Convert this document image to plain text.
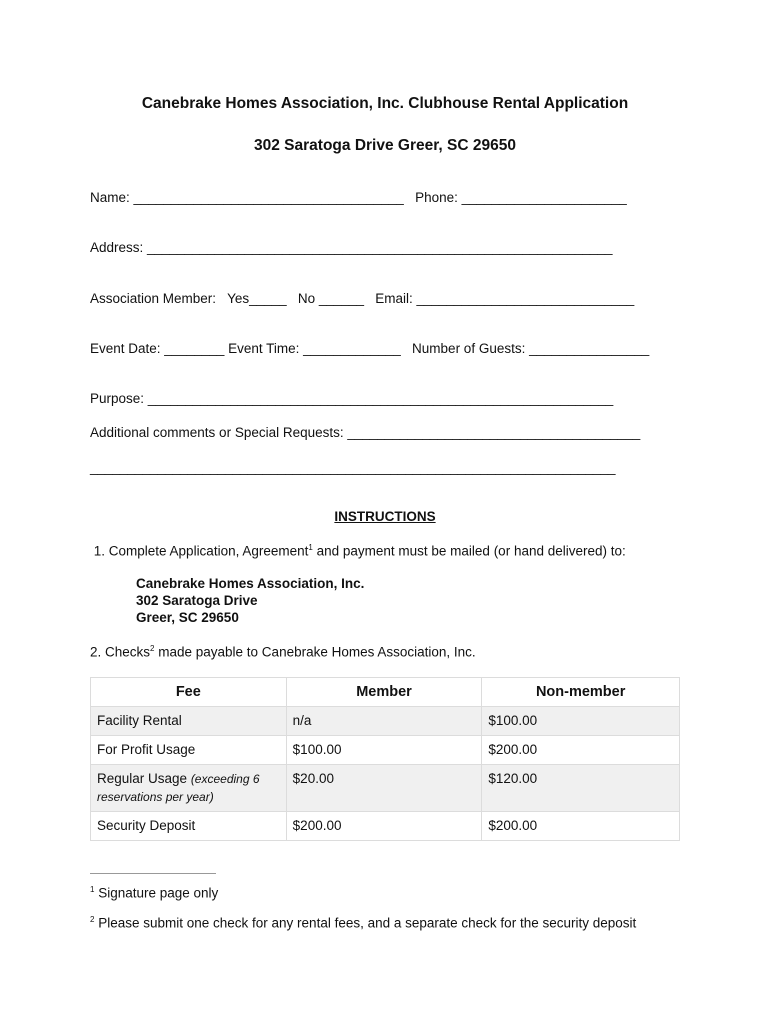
Canebrake Homes Association, Inc. Clubhouse Rental Application
302 Saratoga Drive Greer, SC 29650
Name: ____________________________________ Phone: ______________________
Address: ______________________________________________________________
Association Member:   Yes_____ No ______ Email: _____________________________
Event Date: ________ Event Time: _____________ Number of Guests: ________________
Purpose: ______________________________________________________________
Additional comments or Special Requests: _______________________________________
______________________________________________________________________
INSTRUCTIONS
1. Complete Application, Agreement$^1$ and payment must be mailed (or hand delivered) to:
Canebrake Homes Association, Inc.
302 Saratoga Drive
Greer, SC 29650
2. Checks$^2$ made payable to Canebrake Homes Association, Inc.
Fee	Member	Non-member
Facility Rental	n/a	$100.00
For Profit Usage	$100.00	$200.00
Regular Usage (exceeding 6 reservations per year)	$20.00	$120.00
Security Deposit	$200.00	$200.00
$^1$ Signature page only
$^2$ Please submit one check for any rental fees, and a separate check for the security deposit
